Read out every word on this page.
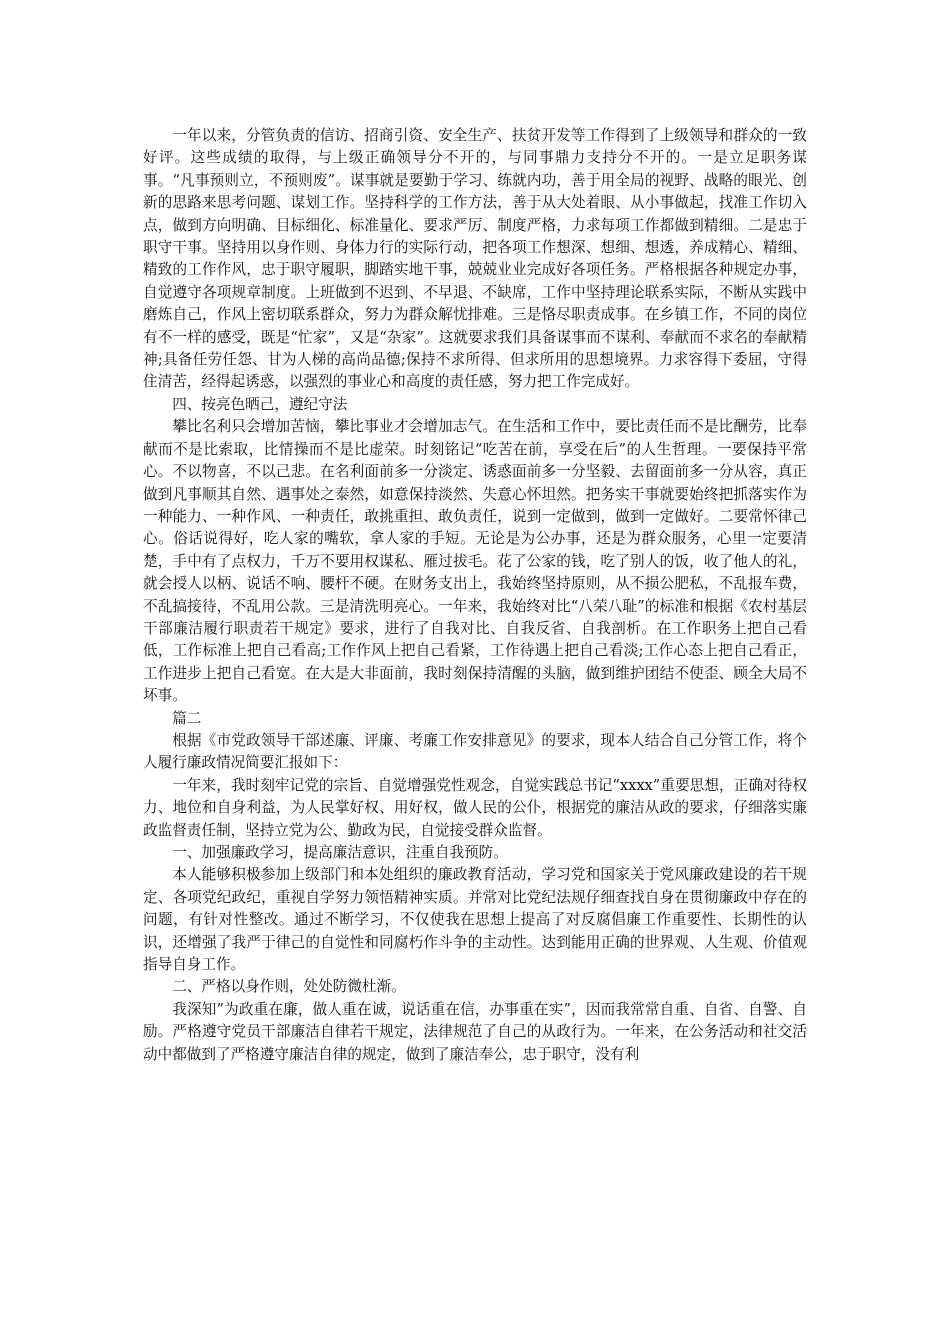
一年以来，分管负责的信访、招商引资、安全生产、扶贫开发等工作得到了上级领导和群众的一致好评。这些成绩的取得，与上级正确领导分不开的，与同事鼎力支持分不开的。一是立足职务谋事。“凡事预则立，不预则废”。谋事就是要勤于学习、练就内功，善于用全局的视野、战略的眼光、创新的思路来思考问题、谋划工作。坚持科学的工作方法，善于从大处着眼、从小事做起，找准工作切入点，做到方向明确、目标细化、标准量化、要求严厉、制度严格，力求每项工作都做到精细。二是忠于职守干事。坚持用以身作则、身体力行的实际行动，把各项工作想深、想细、想透，养成精心、精细、精致的工作作风，忠于职守履职，脚踏实地干事，兢兢业业完成好各项任务。严格根据各种规定办事，自觉遵守各项规章制度。上班做到不迟到、不早退、不缺席，工作中坚持理论联系实际，不断从实践中磨炼自己，作风上密切联系群众，努力为群众解忧排难。三是恪尽职责成事。在乡镇工作，不同的岗位有不一样的感受，既是“忙家”，又是“杂家”。这就要求我们具备谋事而不谋利、奉献而不求名的奉献精神;具备任劳任怨、甘为人梯的高尚品德;保持不求所得、但求所用的思想境界。力求容得下委屈，守得住清苦，经得起诱惑，以强烈的事业心和高度的责任感，努力把工作完成好。

四、按亮色晒己，遵纪守法

攀比名利只会增加苦恼，攀比事业才会增加志气。在生活和工作中，要比责任而不是比酬劳，比奉献而不是比索取，比情操而不是比虚荣。时刻铭记“吃苦在前，享受在后”的人生哲理。一要保持平常心。不以物喜，不以己悲。在名利面前多一分淡定、诱惑面前多一分坚毅、去留面前多一分从容，真正做到凡事顺其自然、遇事处之泰然，如意保持淡然、失意心怀坦然。把务实干事就要始终把抓落实作为一种能力、一种作风、一种责任，敢挑重担、敢负责任，说到一定做到，做到一定做好。二要常怀律己心。俗话说得好，吃人家的嘴软，拿人家的手短。无论是为公办事，还是为群众服务，心里一定要清楚，手中有了点权力，千万不要用权谋私、雁过拔毛。花了公家的钱，吃了别人的饭，收了他人的礼，就会授人以柄、说话不响、腰杆不硬。在财务支出上，我始终坚持原则，从不损公肥私，不乱报车费，不乱搞接待，不乱用公款。三是清洗明亮心。一年来，我始终对比“八荣八耻”的标准和根据《农村基层干部廉洁履行职责若干规定》要求，进行了自我对比、自我反省、自我剖析。在工作职务上把自己看低，工作标准上把自己看高;工作作风上把自己看紧，工作待遇上把自己看淡;工作心态上把自己看正，工作进步上把自己看宽。在大是大非面前，我时刻保持清醒的头脑，做到维护团结不使歪、顾全大局不坏事。

篇二

根据《市党政领导干部述廉、评廉、考廉工作安排意见》的要求，现本人结合自己分管工作，将个人履行廉政情况简要汇报如下：

一年来，我时刻牢记党的宗旨、自觉增强党性观念，自觉实践总书记“xxxx”重要思想，正确对待权力、地位和自身利益，为人民掌好权、用好权，做人民的公仆，根据党的廉洁从政的要求，仔细落实廉政监督责任制，坚持立党为公、勤政为民，自觉接受群众监督。

一、加强廉政学习，提高廉洁意识，注重自我预防。

本人能够积极参加上级部门和本处组织的廉政教育活动，学习党和国家关于党风廉政建设的若干规定、各项党纪政纪，重视自学努力领悟精神实质。并常对比党纪法规仔细查找自身在贯彻廉政中存在的问题，有针对性整改。通过不断学习，不仅使我在思想上提高了对反腐倡廉工作重要性、长期性的认识，还增强了我严于律己的自觉性和同腐朽作斗争的主动性。达到能用正确的世界观、人生观、价值观指导自身工作。

二、严格以身作则，处处防微杜渐。

我深知”为政重在廉，做人重在诚，说话重在信，办事重在实”，因而我常常自重、自省、自警、自励。严格遵守党员干部廉洁自律若干规定，法律规范了自己的从政行为。一年来，在公务活动和社交活动中都做到了严格遵守廉洁自律的规定，做到了廉洁奉公，忠于职守，没有利
